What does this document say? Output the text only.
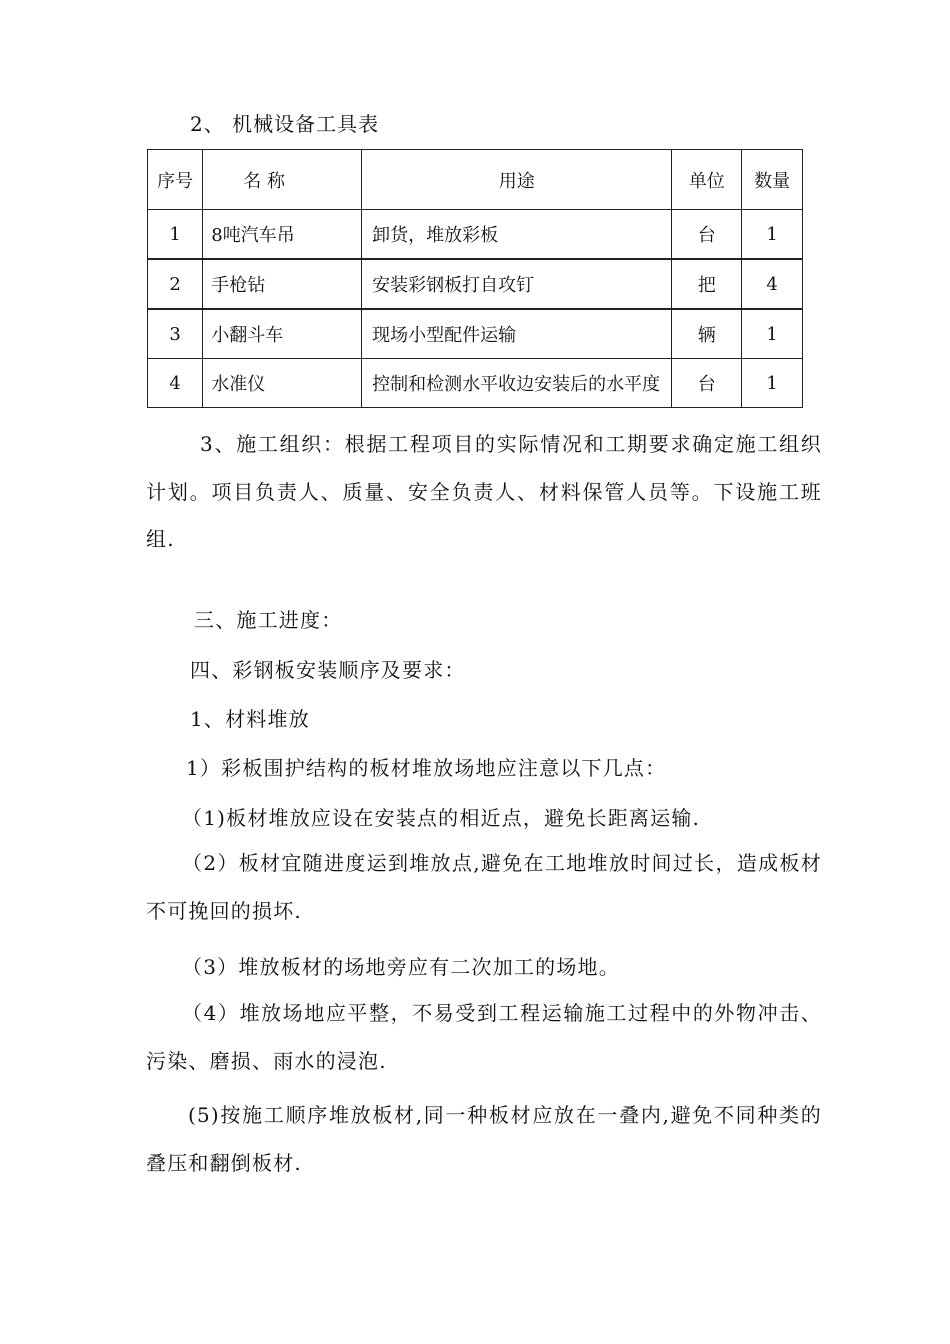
2、 机械设备工具表
序号	名 称	用途	单位	数量
1	8吨汽车吊	卸货，堆放彩板	台	1
2	手枪钻	安装彩钢板打自攻钉	把	4
3	小翻斗车	现场小型配件运输	辆	1
4	水准仪	控制和检测水平收边安装后的水平度	台	1

3、施工组织：根据工程项目的实际情况和工期要求确定施工组织计划。项目负责人、质量、安全负责人、材料保管人员等。下设施工班组.

三、施工进度：
四、彩钢板安装顺序及要求：
1、材料堆放
1）彩板围护结构的板材堆放场地应注意以下几点：
（1)板材堆放应设在安装点的相近点，避免长距离运输.

（2）板材宜随进度运到堆放点,避免在工地堆放时间过长，造成板材不可挽回的损坏.

（3）堆放板材的场地旁应有二次加工的场地。

（4）堆放场地应平整，不易受到工程运输施工过程中的外物冲击、污染、磨损、雨水的浸泡.

(5)按施工顺序堆放板材,同一种板材应放在一叠内,避免不同种类的叠压和翻倒板材.
